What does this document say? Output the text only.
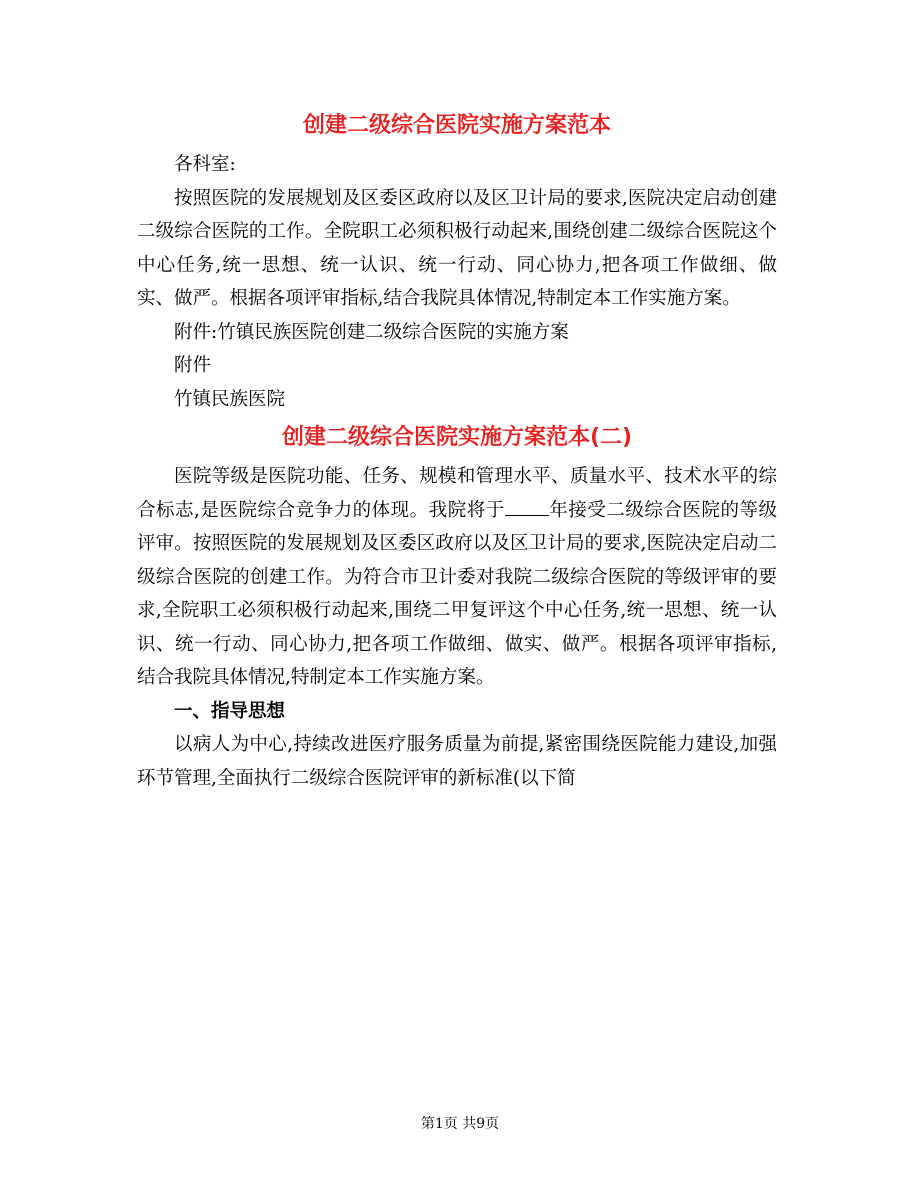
创建二级综合医院实施方案范本

各科室:

按照医院的发展规划及区委区政府以及区卫计局的要求,医院决定启动创建二级综合医院的工作。全院职工必须积极行动起来,围绕创建二级综合医院这个中心任务,统一思想、统一认识、统一行动、同心协力,把各项工作做细、做实、做严。根据各项评审指标,结合我院具体情况,特制定本工作实施方案。

附件:竹镇民族医院创建二级综合医院的实施方案

附件

竹镇民族医院

创建二级综合医院实施方案范本(二)

医院等级是医院功能、任务、规模和管理水平、质量水平、技术水平的综合标志,是医院综合竞争力的体现。我院将于 年接受二级综合医院的等级评审。按照医院的发展规划及区委区政府以及区卫计局的要求,医院决定启动二级综合医院的创建工作。为符合市卫计委对我院二级综合医院的等级评审的要求,全院职工必须积极行动起来,围绕二甲复评这个中心任务,统一思想、统一认识、统一行动、同心协力,把各项工作做细、做实、做严。根据各项评审指标,结合我院具体情况,特制定本工作实施方案。

一、指导思想

以病人为中心,持续改进医疗服务质量为前提,紧密围绕医院能力建设,加强环节管理,全面执行二级综合医院评审的新标准(以下简

第1页 共9页
